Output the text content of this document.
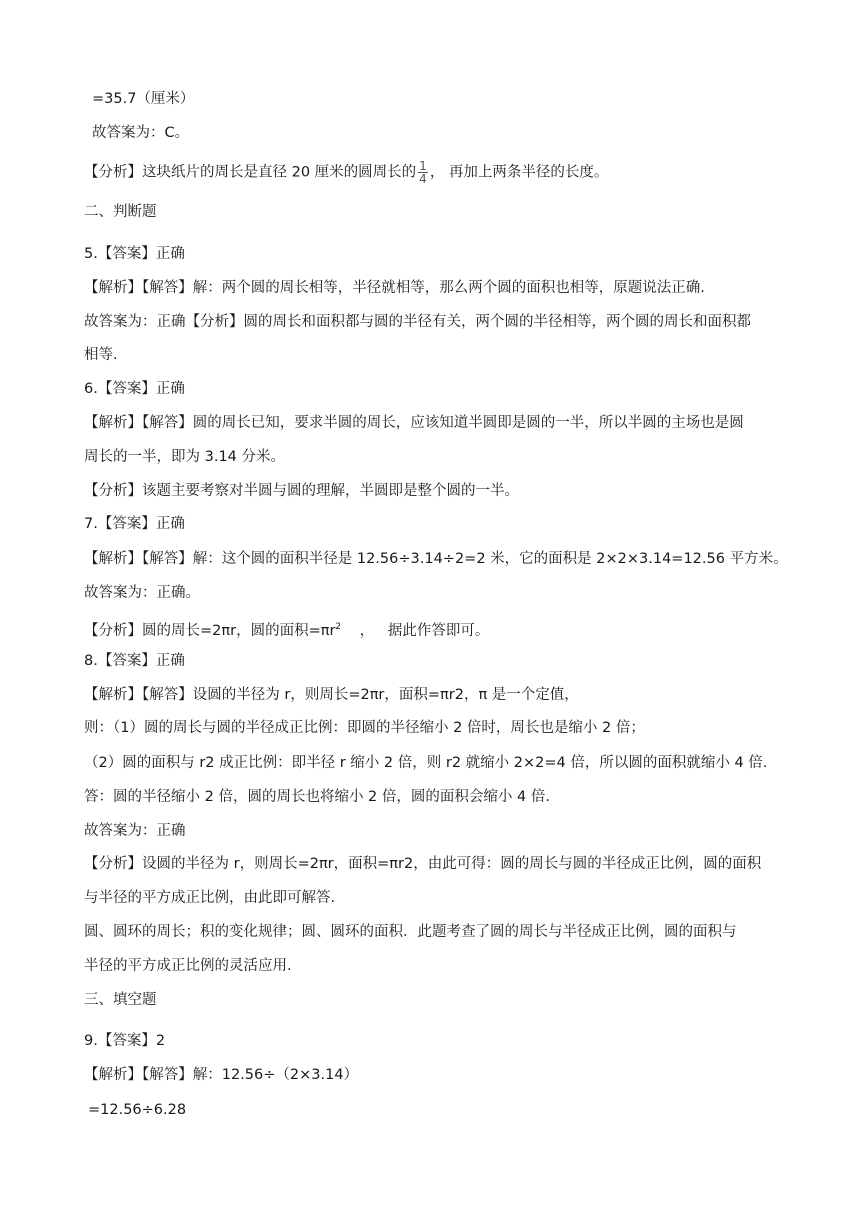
=35.7（厘米）
故答案为：C。
【分析】这块纸片的周长是直径 20 厘米的圆周长的 $\frac{1}{4}$ ， 再加上两条半径的长度。
二、判断题
5.【答案】正确
【解析】【解答】解：两个圆的周长相等，半径就相等，那么两个圆的面积也相等，原题说法正确.
故答案为：正确【分析】圆的周长和面积都与圆的半径有关，两个圆的半径相等，两个圆的周长和面积都
相等.
6.【答案】正确
【解析】【解答】圆的周长已知，要求半圆的周长，应该知道半圆即是圆的一半，所以半圆的主场也是圆
周长的一半，即为 3.14 分米。
【分析】该题主要考察对半圆与圆的理解，半圆即是整个圆的一半。
7.【答案】正确
【解析】【解答】解：这个圆的面积半径是 12.56÷3.14÷2=2 米，它的面积是 2×2×3.14=12.56 平方米。
故答案为：正确。
【分析】圆的周长=2πr，圆的面积$=\pi r^2$    ，   据此作答即可。
8.【答案】正确
【解析】【解答】设圆的半径为 r，则周长=2πr，面积=πr2，π 是一个定值，
则：（1）圆的周长与圆的半径成正比例：即圆的半径缩小 2 倍时，周长也是缩小 2 倍；
（2）圆的面积与 r2 成正比例：即半径 r 缩小 2 倍，则 r2 就缩小 2×2=4 倍，所以圆的面积就缩小 4 倍.
答：圆的半径缩小 2 倍，圆的周长也将缩小 2 倍，圆的面积会缩小 4 倍.
故答案为：正确
【分析】设圆的半径为 r，则周长=2πr，面积=πr2，由此可得：圆的周长与圆的半径成正比例，圆的面积
与半径的平方成正比例，由此即可解答.
圆、圆环的周长；积的变化规律；圆、圆环的面积．此题考查了圆的周长与半径成正比例，圆的面积与
半径的平方成正比例的灵活应用.
三、填空题
9.【答案】2
【解析】【解答】解：12.56÷（2×3.14）
=12.56÷6.28
